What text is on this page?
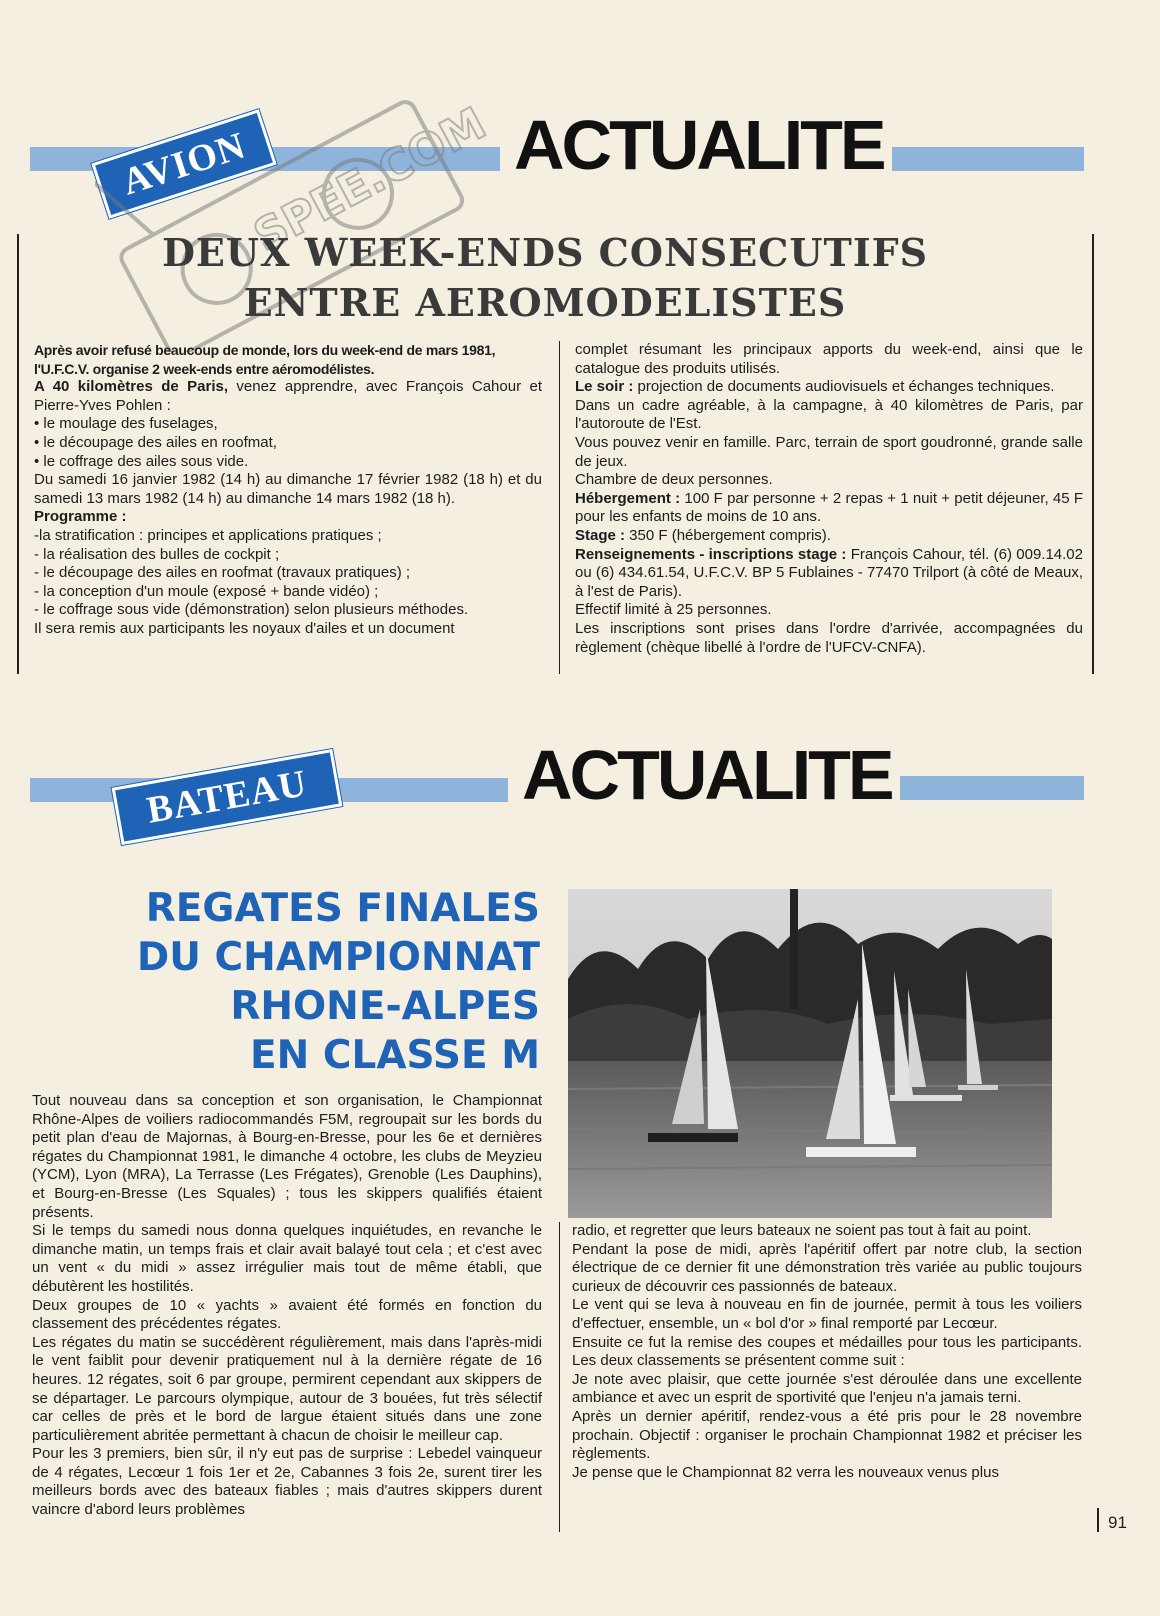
ACTUALITE
AVION
SPEE.COM
DEUX WEEK-ENDS CONSECUTIFS
ENTRE AEROMODELISTES

Après avoir refusé beaucoup de monde, lors du week-end de mars 1981,

l'U.F.C.V. organise 2 week-ends entre aéromodélistes.

A 40 kilomètres de Paris, venez apprendre, avec François Cahour et Pierre-Yves Pohlen :

• le moulage des fuselages,

• le découpage des ailes en roofmat,

• le coffrage des ailes sous vide.

Du samedi 16 janvier 1982 (14 h) au dimanche 17 février 1982 (18 h) et du samedi 13 mars 1982 (14 h) au dimanche 14 mars 1982 (18 h).

Programme :

-la stratification : principes et applications pratiques ;

- la réalisation des bulles de cockpit ;

- le découpage des ailes en roofmat (travaux pratiques) ;

- la conception d'un moule (exposé + bande vidéo) ;

- le coffrage sous vide (démonstration) selon plusieurs méthodes.

Il sera remis aux participants les noyaux d'ailes et un document

complet résumant les principaux apports du week-end, ainsi que le catalogue des produits utilisés.

Le soir : projection de documents audiovisuels et échanges techniques.

Dans un cadre agréable, à la campagne, à 40 kilomètres de Paris, par l'autoroute de l'Est.

Vous pouvez venir en famille. Parc, terrain de sport goudronné, grande salle de jeux.

Chambre de deux personnes.

Hébergement : 100 F par personne + 2 repas + 1 nuit + petit déjeuner, 45 F pour les enfants de moins de 10 ans.

Stage : 350 F (hébergement compris).

Renseignements - inscriptions stage : François Cahour, tél. (6) 009.14.02 ou (6) 434.61.54, U.F.C.V. BP 5 Fublaines - 77470 Trilport (à côté de Meaux, à l'est de Paris).

Effectif limité à 25 personnes.

Les inscriptions sont prises dans l'ordre d'arrivée, accompagnées du règlement (chèque libellé à l'ordre de l'UFCV-CNFA).

ACTUALITE
BATEAU
REGATES FINALES
DU CHAMPIONNAT
RHONE-ALPES
EN CLASSE M

Tout nouveau dans sa conception et son organisation, le Championnat Rhône-Alpes de voiliers radiocommandés F5M, regroupait sur les bords du petit plan d'eau de Majornas, à Bourg-en-Bresse, pour les 6e et dernières régates du Championnat 1981, le dimanche 4 octobre, les clubs de Meyzieu (YCM), Lyon (MRA), La Terrasse (Les Frégates), Grenoble (Les Dauphins), et Bourg-en-Bresse (Les Squales) ; tous les skippers qualifiés étaient présents.

Si le temps du samedi nous donna quelques inquiétudes, en revanche le dimanche matin, un temps frais et clair avait balayé tout cela ; et c'est avec un vent « du midi » assez irrégulier mais tout de même établi, que débutèrent les hostilités.

Deux groupes de 10 « yachts » avaient été formés en fonction du classement des précédentes régates.

Les régates du matin se succédèrent régulièrement, mais dans l'après-midi le vent faiblit pour devenir pratiquement nul à la dernière régate de 16 heures. 12 régates, soit 6 par groupe, permirent cependant aux skippers de se départager. Le parcours olympique, autour de 3 bouées, fut très sélectif car celles de près et le bord de largue étaient situés dans une zone particulièrement abritée permettant à chacun de choisir le meilleur cap.

Pour les 3 premiers, bien sûr, il n'y eut pas de surprise : Lebedel vainqueur de 4 régates, Lecœur 1 fois 1er et 2e, Cabannes 3 fois 2e, surent tirer les meilleurs bords avec des bateaux fiables ; mais d'autres skippers durent vaincre d'abord leurs problèmes

radio, et regretter que leurs bateaux ne soient pas tout à fait au point.

Pendant la pose de midi, après l'apéritif offert par notre club, la section électrique de ce dernier fit une démonstration très variée au public toujours curieux de découvrir ces passionnés de bateaux.

Le vent qui se leva à nouveau en fin de journée, permit à tous les voiliers d'effectuer, ensemble, un « bol d'or » final remporté par Lecœur.

Ensuite ce fut la remise des coupes et médailles pour tous les participants. Les deux classements se présentent comme suit :

Je note avec plaisir, que cette journée s'est déroulée dans une excellente ambiance et avec un esprit de sportivité que l'enjeu n'a jamais terni.

Après un dernier apéritif, rendez-vous a été pris pour le 28 novembre prochain. Objectif : organiser le prochain Championnat 1982 et préciser les règlements.

Je pense que le Championnat 82 verra les nouveaux venus plus

91
